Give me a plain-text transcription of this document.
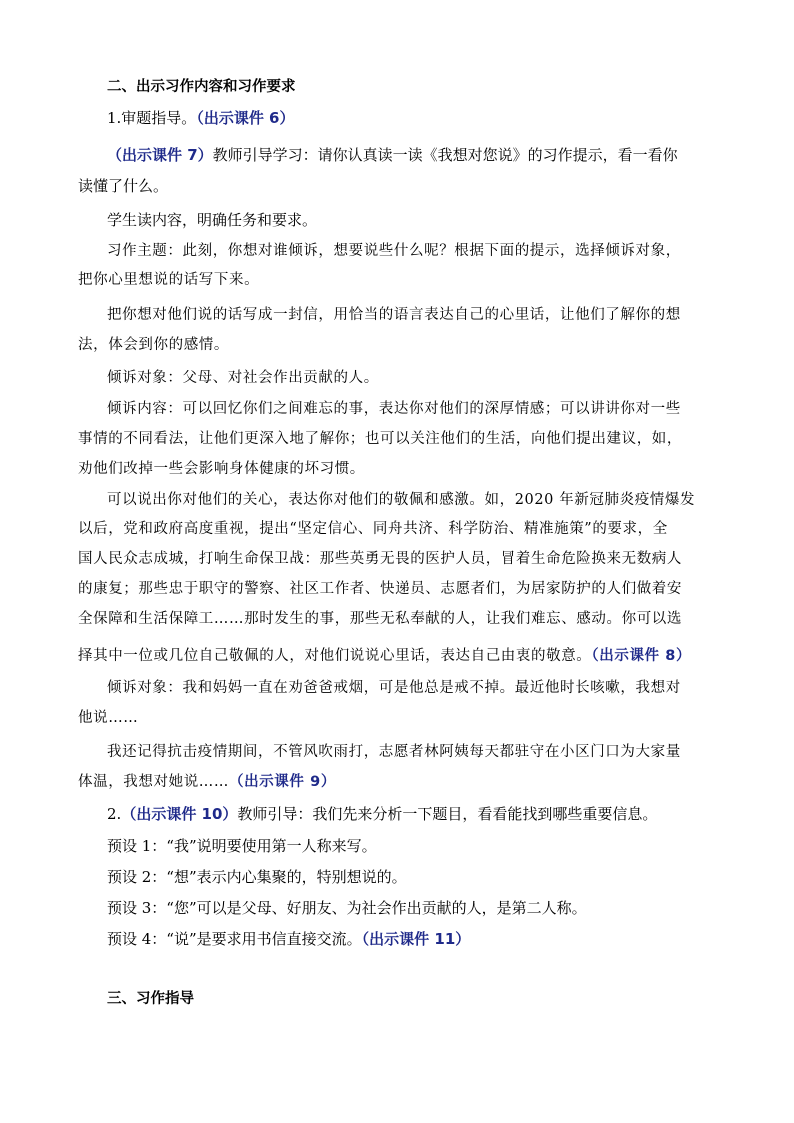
二、出示习作内容和习作要求
1.审题指导。（出示课件 6）
（出示课件 7）教师引导学习：请你认真读一读《我想对您说》的习作提示，看一看你
读懂了什么。
学生读内容，明确任务和要求。
习作主题：此刻，你想对谁倾诉，想要说些什么呢？根据下面的提示，选择倾诉对象，
把你心里想说的话写下来。
把你想对他们说的话写成一封信，用恰当的语言表达自己的心里话，让他们了解你的想
法，体会到你的感情。
倾诉对象：父母、对社会作出贡献的人。
倾诉内容：可以回忆你们之间难忘的事，表达你对他们的深厚情感；可以讲讲你对一些
事情的不同看法，让他们更深入地了解你；也可以关注他们的生活，向他们提出建议，如，
劝他们改掉一些会影响身体健康的坏习惯。
可以说出你对他们的关心，表达你对他们的敬佩和感激。如，2020 年新冠肺炎疫情爆发
以后，党和政府高度重视，提出“坚定信心、同舟共济、科学防治、精准施策”的要求，全
国人民众志成城，打响生命保卫战：那些英勇无畏的医护人员，冒着生命危险换来无数病人
的康复；那些忠于职守的警察、社区工作者、快递员、志愿者们，为居家防护的人们做着安
全保障和生活保障工……那时发生的事，那些无私奉献的人，让我们难忘、感动。你可以选
择其中一位或几位自己敬佩的人，对他们说说心里话，表达自己由衷的敬意。（出示课件 8）
倾诉对象：我和妈妈一直在劝爸爸戒烟，可是他总是戒不掉。最近他时长咳嗽，我想对
他说……
我还记得抗击疫情期间，不管风吹雨打，志愿者林阿姨每天都驻守在小区门口为大家量
体温，我想对她说……（出示课件 9）
2.（出示课件 10）教师引导：我们先来分析一下题目，看看能找到哪些重要信息。
预设 1：“我”说明要使用第一人称来写。
预设 2：“想”表示内心集聚的，特别想说的。
预设 3：“您”可以是父母、好朋友、为社会作出贡献的人，是第二人称。
预设 4：“说”是要求用书信直接交流。（出示课件 11）
三、习作指导
